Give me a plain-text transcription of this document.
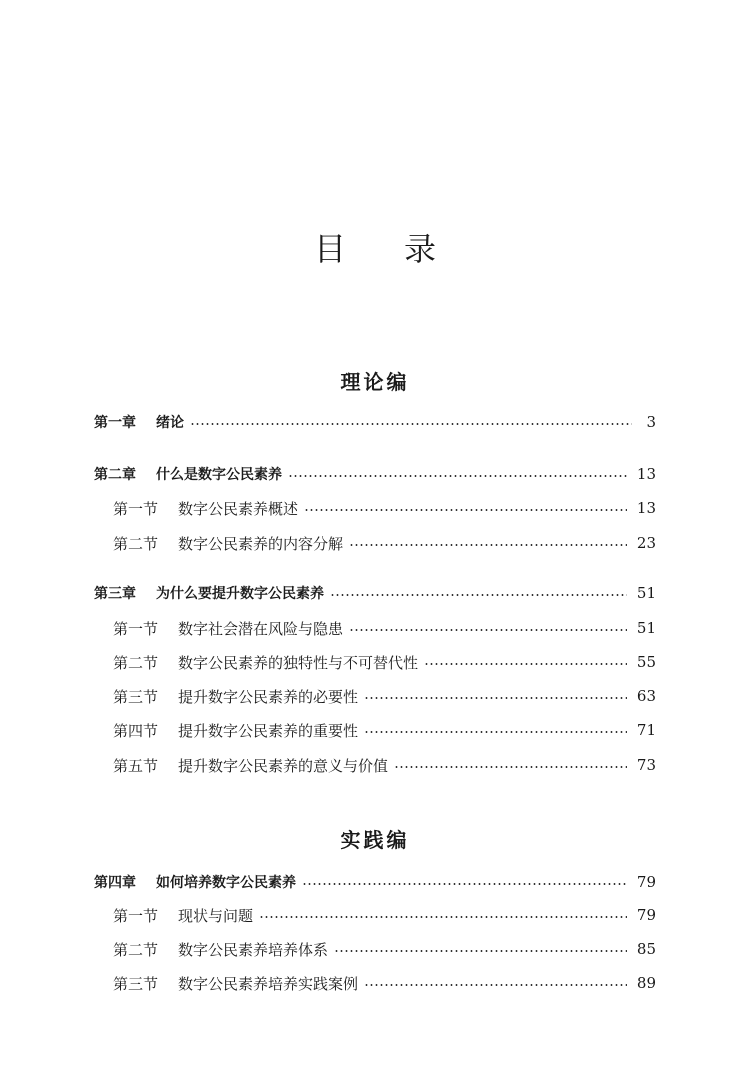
目 录
理论编
第一章 绪论	3
第二章 什么是数字公民素养	13
第一节 数字公民素养概述	13
第二节 数字公民素养的内容分解	23
第三章 为什么要提升数字公民素养	51
第一节 数字社会潜在风险与隐患	51
第二节 数字公民素养的独特性与不可替代性	55
第三节 提升数字公民素养的必要性	63
第四节 提升数字公民素养的重要性	71
第五节 提升数字公民素养的意义与价值	73
实践编
第四章 如何培养数字公民素养	79
第一节 现状与问题	79
第二节 数字公民素养培养体系	85
第三节 数字公民素养培养实践案例	89
